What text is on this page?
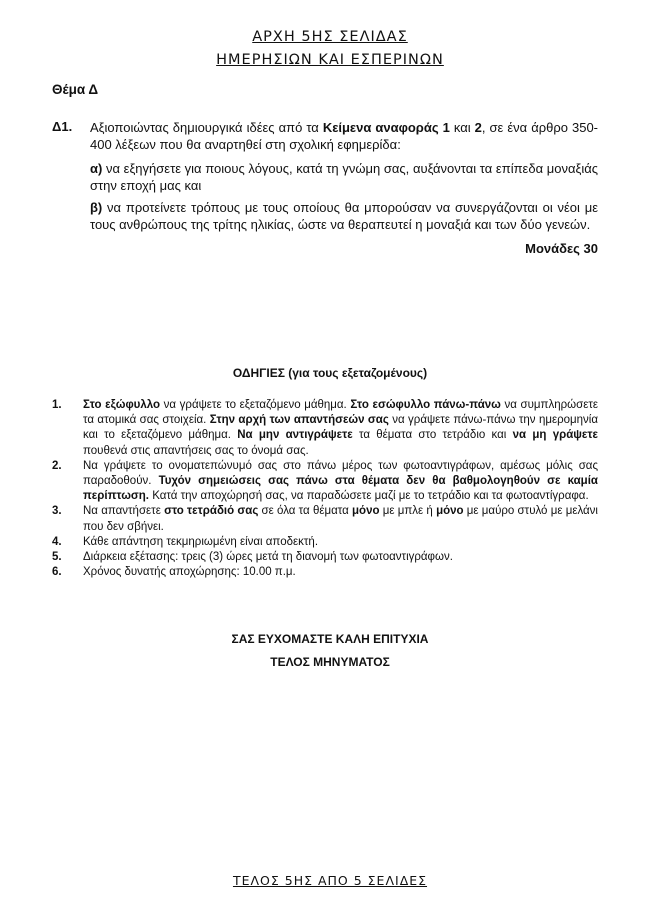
ΑΡΧΗ 5ΗΣ ΣΕΛΙΔΑΣ
ΗΜΕΡΗΣΙΩΝ ΚΑΙ ΕΣΠΕΡΙΝΩΝ
Θέμα Δ
Δ1. Αξιοποιώντας δημιουργικά ιδέες από τα Κείμενα αναφοράς 1 και 2, σε ένα άρθρο 350-400 λέξεων που θα αναρτηθεί στη σχολική εφημερίδα:
α) να εξηγήσετε για ποιους λόγους, κατά τη γνώμη σας, αυξάνονται τα επίπεδα μοναξιάς στην εποχή μας και
β) να προτείνετε τρόπους με τους οποίους θα μπορούσαν να συνεργάζονται οι νέοι με τους ανθρώπους της τρίτης ηλικίας, ώστε να θεραπευτεί η μοναξιά και των δύο γενεών.
Μονάδες 30
ΟΔΗΓΙΕΣ (για τους εξεταζομένους)
1.	Στο εξώφυλλο να γράψετε το εξεταζόμενο μάθημα. Στο εσώφυλλο πάνω-πάνω να συμπληρώσετε τα ατομικά σας στοιχεία. Στην αρχή των απαντήσεών σας να γράψετε πάνω-πάνω την ημερομηνία και το εξεταζόμενο μάθημα. Να μην αντιγράψετε τα θέματα στο τετράδιο και να μη γράψετε πουθενά στις απαντήσεις σας το όνομά σας.
2.	Να γράψετε το ονοματεπώνυμό σας στο πάνω μέρος των φωτοαντιγράφων, αμέσως μόλις σας παραδοθούν. Τυχόν σημειώσεις σας πάνω στα θέματα δεν θα βαθμολογηθούν σε καμία περίπτωση. Κατά την αποχώρησή σας, να παραδώσετε μαζί με το τετράδιο και τα φωτοαντίγραφα.
3.	Να απαντήσετε στο τετράδιό σας σε όλα τα θέματα μόνο με μπλε ή μόνο με μαύρο στυλό με μελάνι που δεν σβήνει.
4.	Κάθε απάντηση τεκμηριωμένη είναι αποδεκτή.
5.	Διάρκεια εξέτασης: τρεις (3) ώρες μετά τη διανομή των φωτοαντιγράφων.
6.	Χρόνος δυνατής αποχώρησης: 10.00 π.μ.
ΣΑΣ ΕΥΧΟΜΑΣΤΕ ΚΑΛΗ ΕΠΙΤΥΧΙΑ
ΤΕΛΟΣ ΜΗΝΥΜΑΤΟΣ
ΤΕΛΟΣ 5ΗΣ ΑΠΟ 5 ΣΕΛΙΔΕΣ
